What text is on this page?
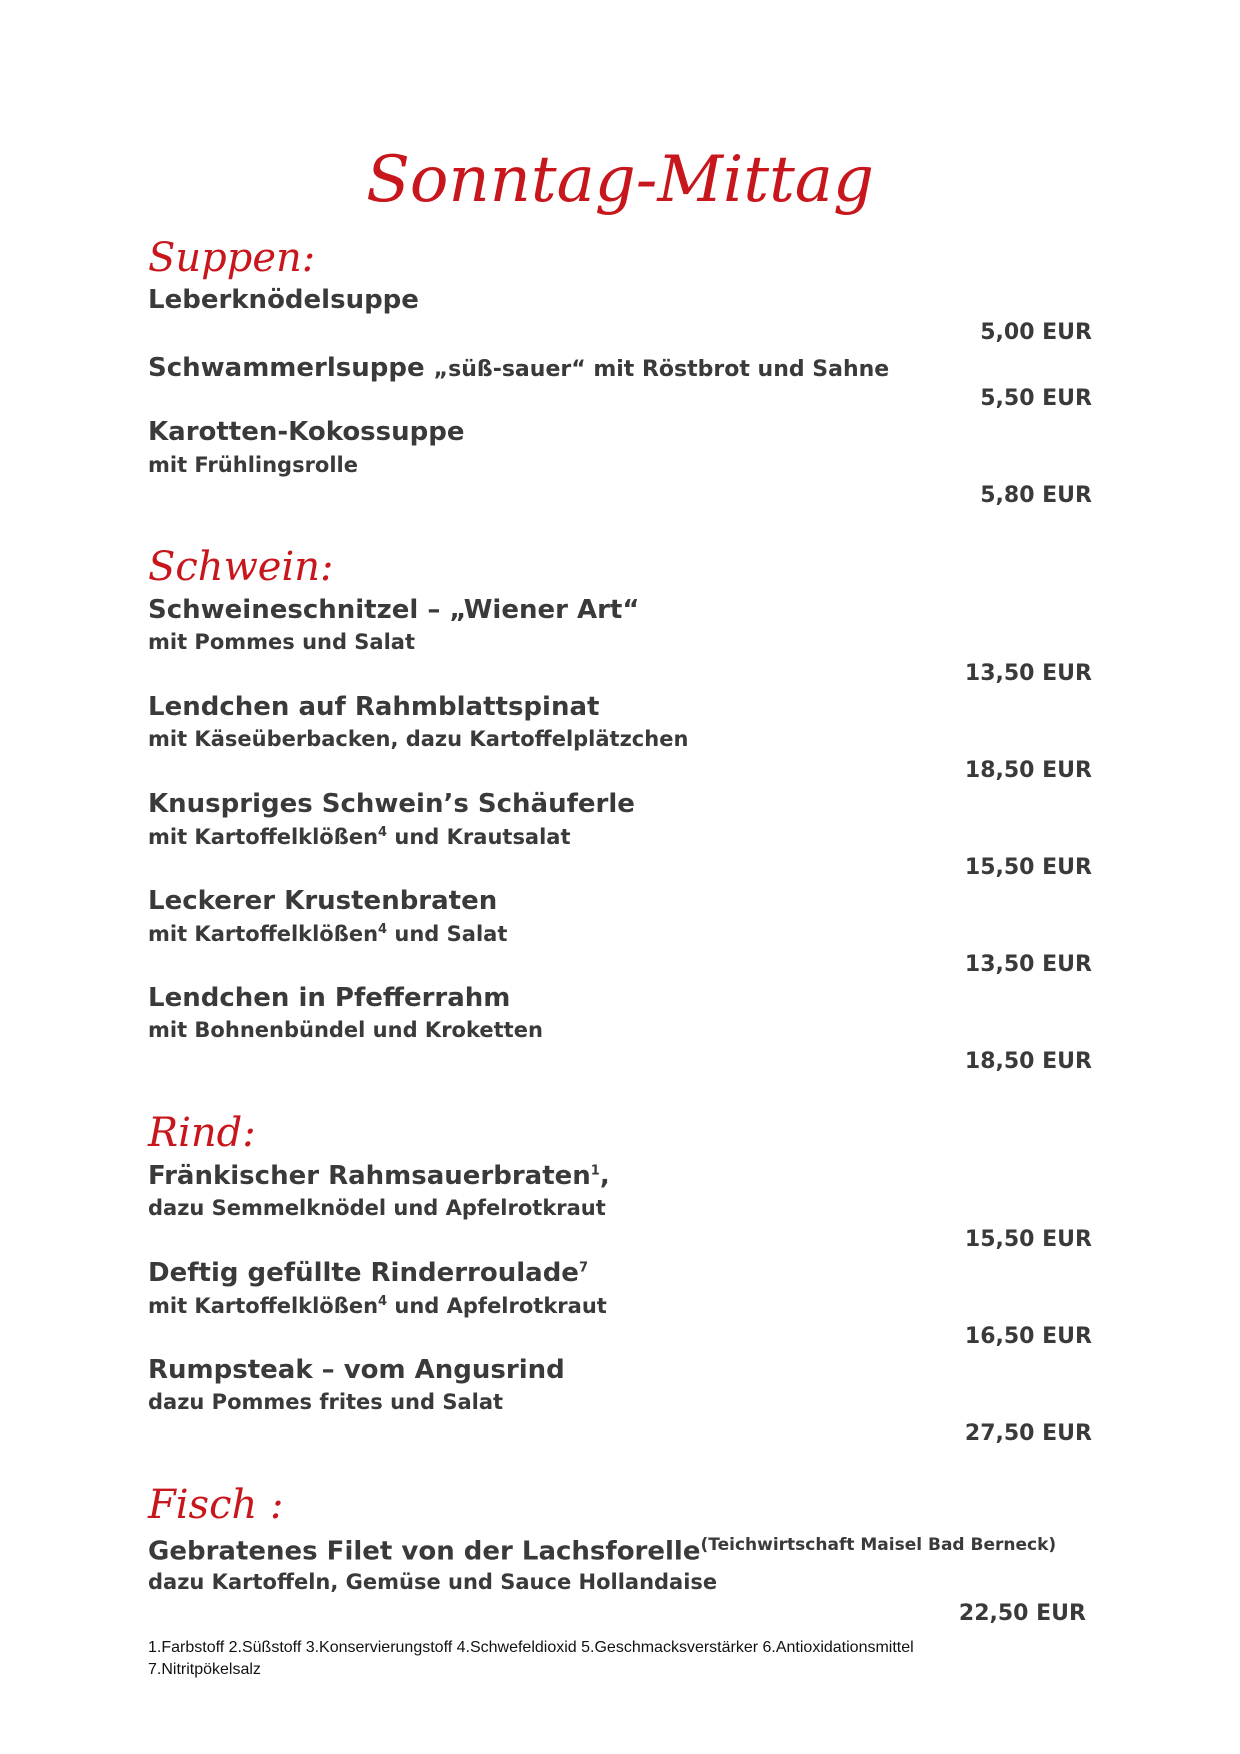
Sonntag-Mittag
Suppen:
Leberknödelsuppe
5,00 EUR
Schwammerlsuppe „süß-sauer“ mit Röstbrot und Sahne
5,50 EUR
Karotten-Kokossuppe
mit Frühlingsrolle
5,80 EUR
Schwein:
Schweineschnitzel – „Wiener Art“
mit Pommes und Salat
13,50 EUR
Lendchen auf Rahmblattspinat
mit Käseüberbacken, dazu Kartoffelplätzchen
18,50 EUR
Knuspriges Schwein’s Schäuferle
mit Kartoffelklößen$^4$ und Krautsalat
15,50 EUR
Leckerer Krustenbraten
mit Kartoffelklößen$^4$ und Salat
13,50 EUR
Lendchen in Pfefferrahm
mit Bohnenbündel und Kroketten
18,50 EUR
Rind:
Fränkischer Rahmsauerbraten$^1$,
dazu Semmelknödel und Apfelrotkraut
15,50 EUR
Deftig gefüllte Rinderroulade$^7$
mit Kartoffelklößen$^4$ und Apfelrotkraut
16,50 EUR
Rumpsteak – vom Angusrind
dazu Pommes frites und Salat
27,50 EUR
Fisch :
Gebratenes Filet von der Lachsforelle$^{(Teichwirtschaft Maisel Bad Berneck)}$
dazu Kartoffeln, Gemüse und Sauce Hollandaise
22,50 EUR
1.Farbstoff 2.Süßstoff 3.Konservierungstoff 4.Schwefeldioxid 5.Geschmacksverstärker 6.Antioxidationsmittel
7.Nitritpökelsalz
